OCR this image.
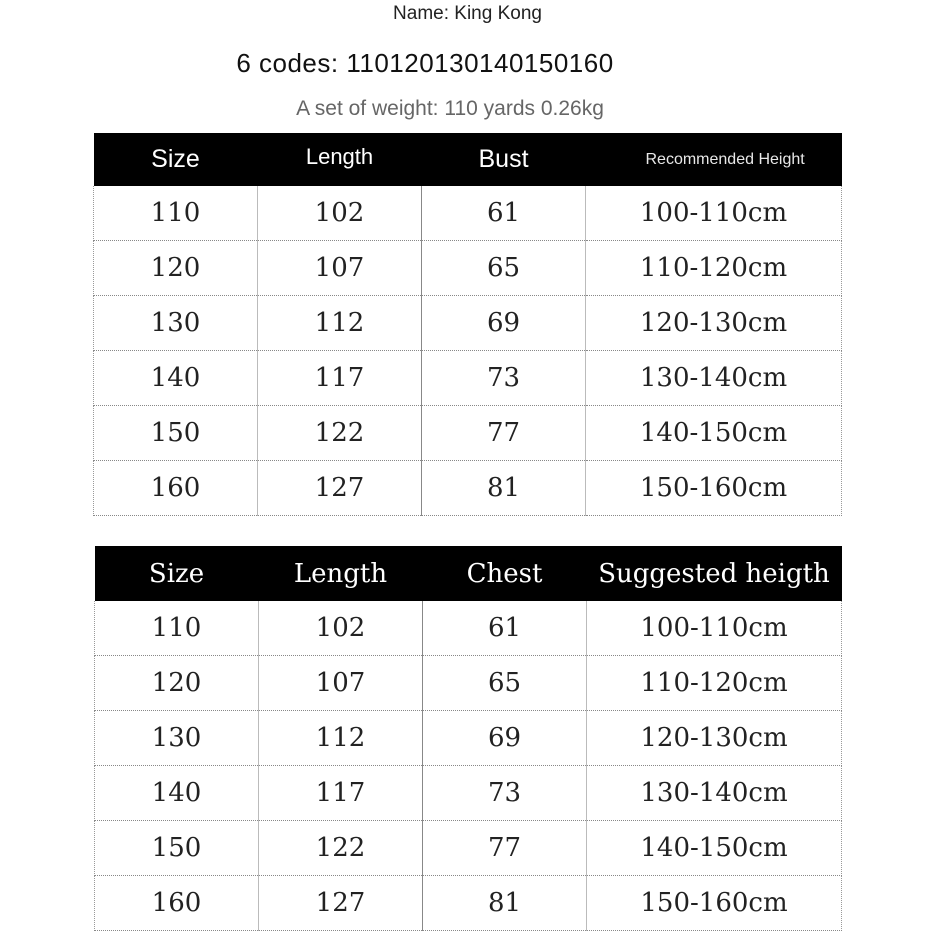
Name: King Kong
6 codes: 110120130140150160
A set of weight: 110 yards 0.26kg
Size	Length	Bust	Recommended Height
110	102	61	100-110cm
120	107	65	110-120cm
130	112	69	120-130cm
140	117	73	130-140cm
150	122	77	140-150cm
160	127	81	150-160cm
Size	Length	Chest	Suggested heigth
110	102	61	100-110cm
120	107	65	110-120cm
130	112	69	120-130cm
140	117	73	130-140cm
150	122	77	140-150cm
160	127	81	150-160cm
